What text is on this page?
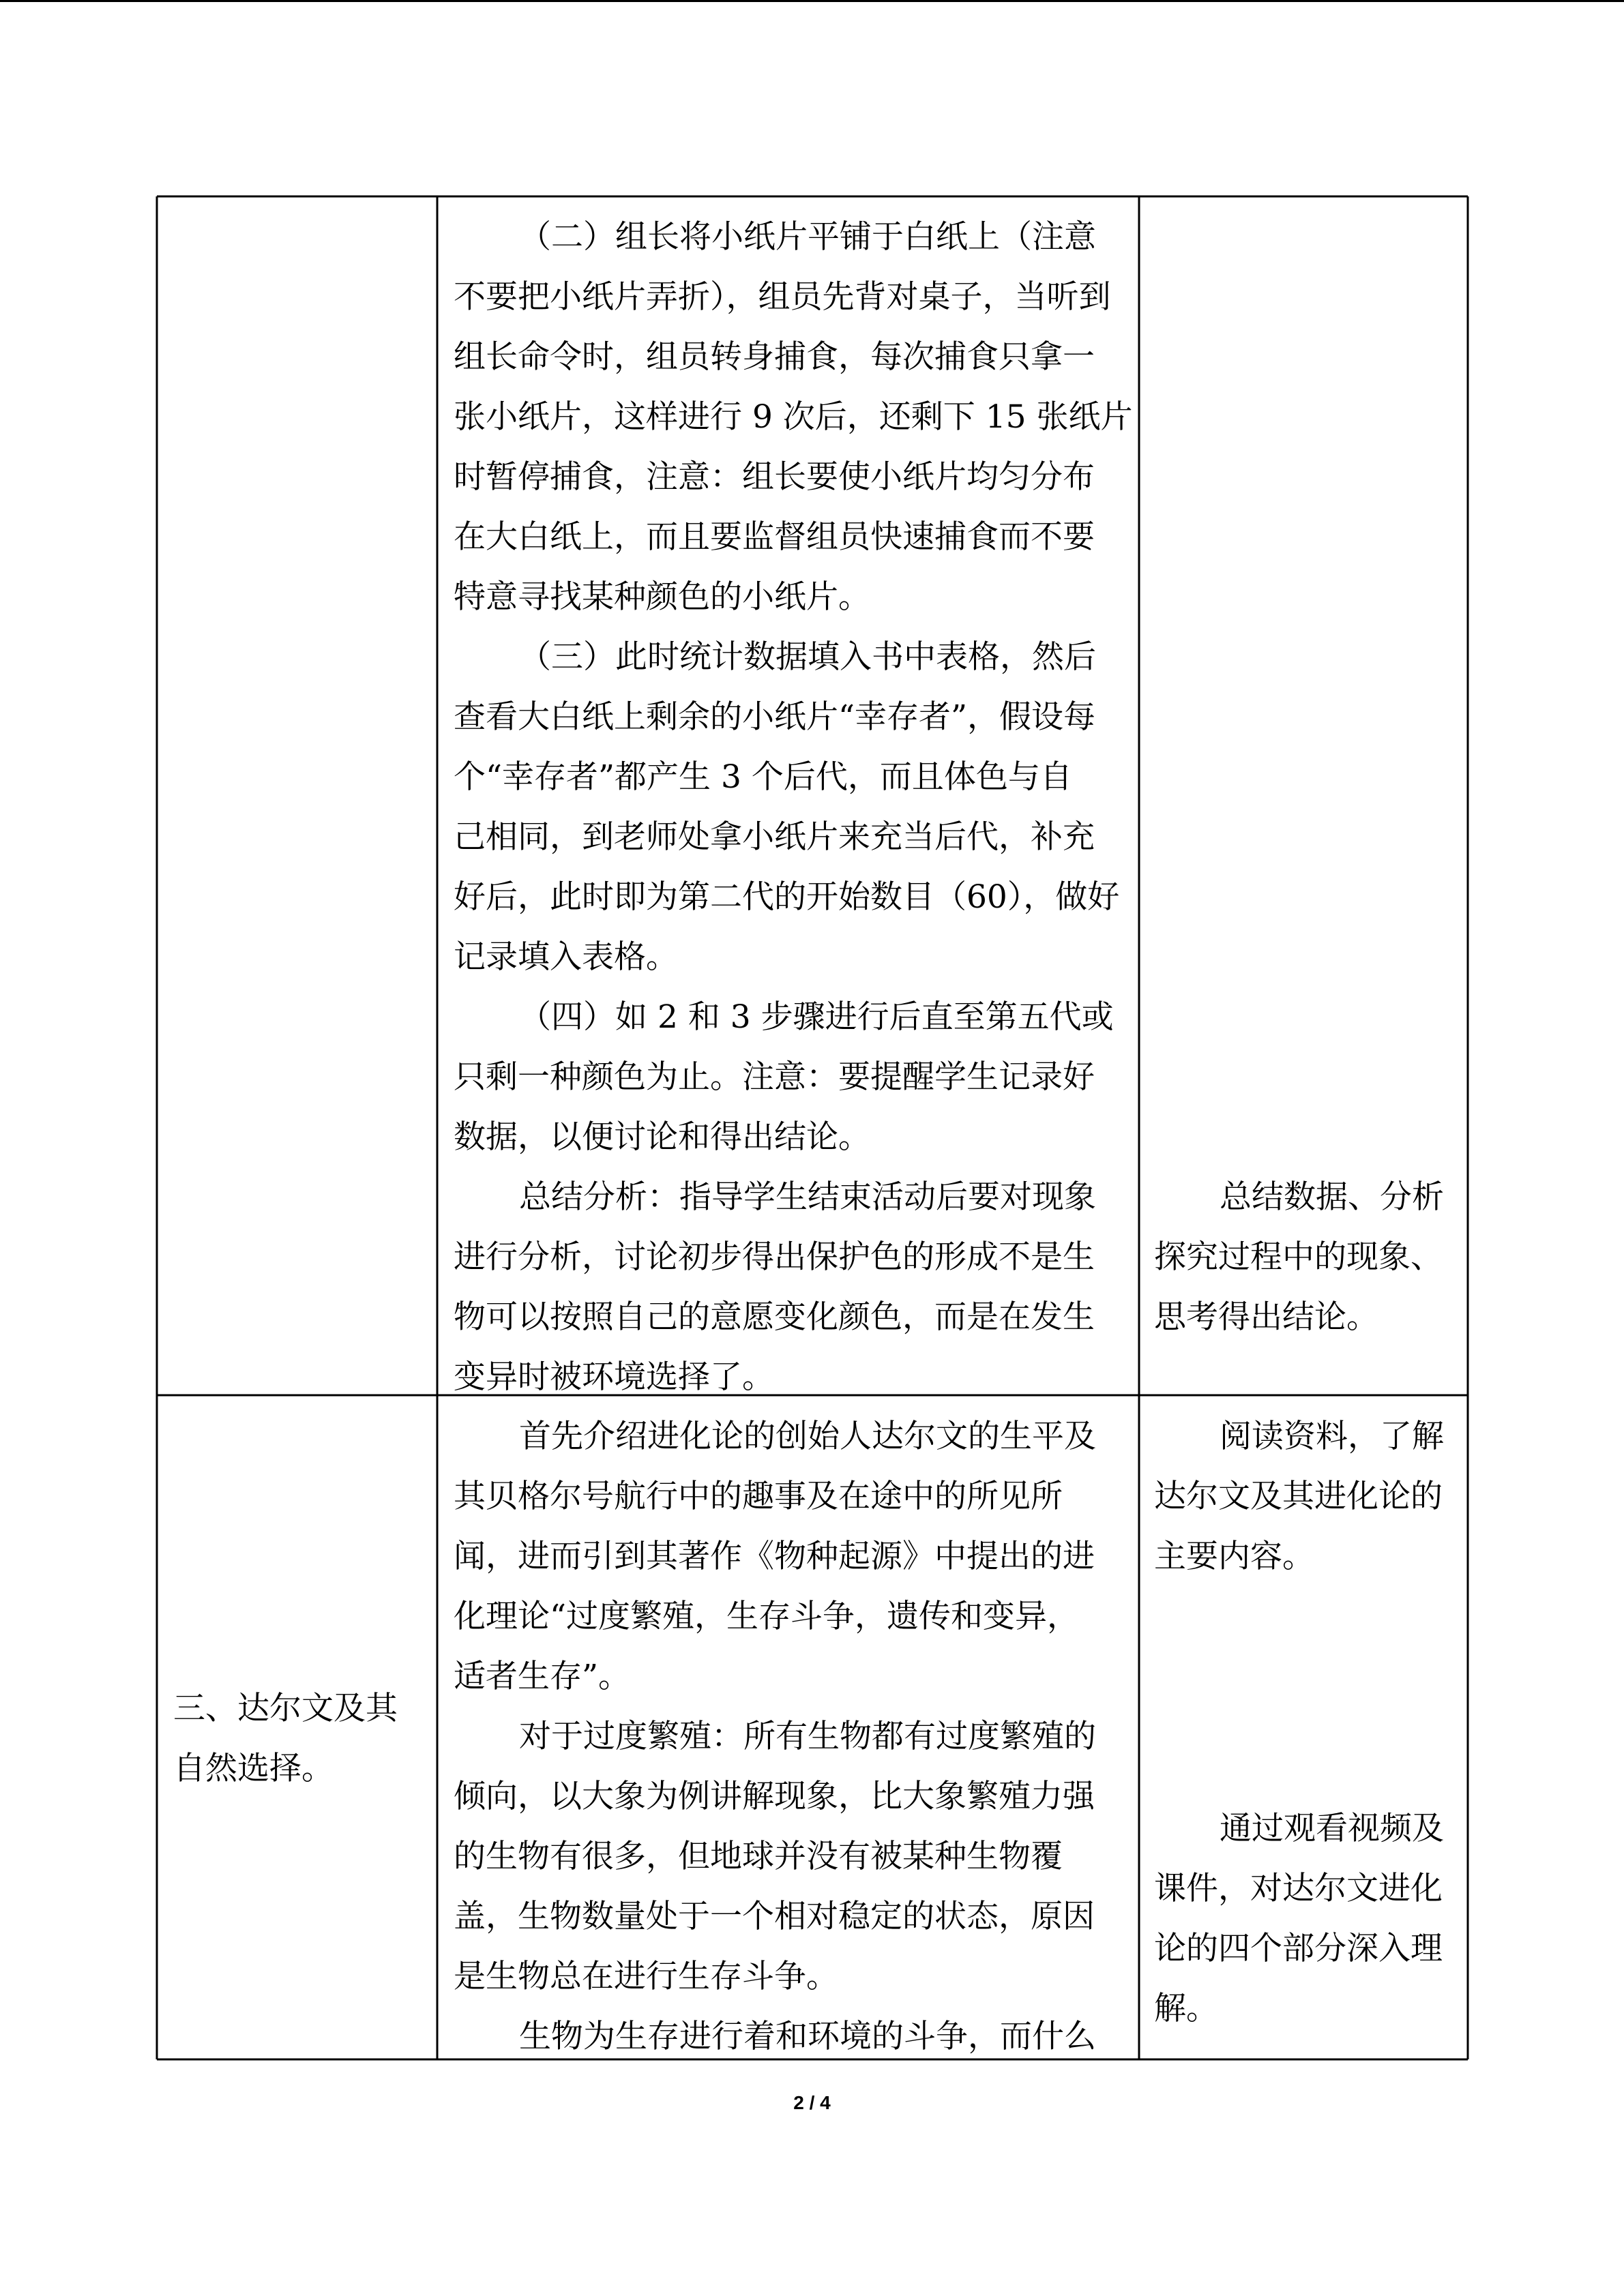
（二）组长将小纸片平铺于白纸上（注意
不要把小纸片弄折），组员先背对桌子，当听到
组长命令时，组员转身捕食，每次捕食只拿一
张小纸片，这样进行 9 次后，还剩下 15 张纸片
时暂停捕食，注意：组长要使小纸片均匀分布
在大白纸上，而且要监督组员快速捕食而不要
特意寻找某种颜色的小纸片。
（三）此时统计数据填入书中表格，然后
查看大白纸上剩余的小纸片“幸存者”，假设每
个“幸存者”都产生 3 个后代，而且体色与自
己相同，到老师处拿小纸片来充当后代，补充
好后，此时即为第二代的开始数目（60），做好
记录填入表格。
（四）如 2 和 3 步骤进行后直至第五代或
只剩一种颜色为止。注意：要提醒学生记录好
数据，以便讨论和得出结论。
总结分析：指导学生结束活动后要对现象
进行分析，讨论初步得出保护色的形成不是生
物可以按照自己的意愿变化颜色，而是在发生
变异时被环境选择了。
总结数据、分析
探究过程中的现象、
思考得出结论。
三、达尔文及其
自然选择。
首先介绍进化论的创始人达尔文的生平及
其贝格尔号航行中的趣事及在途中的所见所
闻，进而引到其著作《物种起源》中提出的进
化理论“过度繁殖，生存斗争，遗传和变异，
适者生存”。
对于过度繁殖：所有生物都有过度繁殖的
倾向，以大象为例讲解现象，比大象繁殖力强
的生物有很多，但地球并没有被某种生物覆
盖，生物数量处于一个相对稳定的状态，原因
是生物总在进行生存斗争。
生物为生存进行着和环境的斗争，而什么
阅读资料，了解
达尔文及其进化论的
主要内容。
通过观看视频及
课件，对达尔文进化
论的四个部分深入理
解。
2 / 4
